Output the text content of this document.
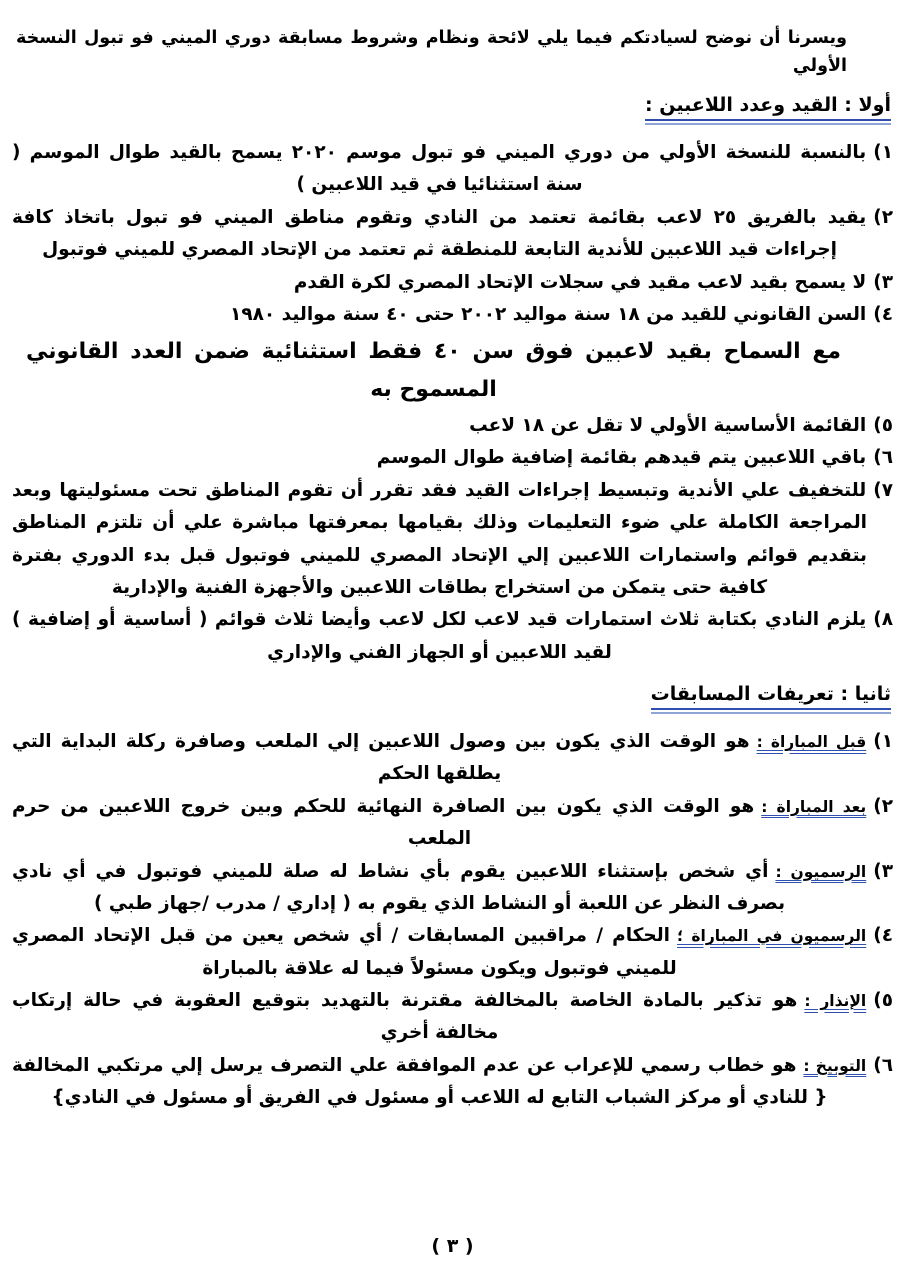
ويسرنا أن نوضح لسيادتكم فيما يلي لائحة ونظام وشروط مسابقة دوري الميني فو تبول النسخة الأولي

أولا : القيد وعدد اللاعبين :
١)بالنسبة للنسخة الأولي من دوري الميني فو تبول موسم ٢٠٢٠ يسمح بالقيد طوال الموسم ( سنة استثنائيا في قيد اللاعبين )
٢)يقيد بالفريق ٢٥ لاعب بقائمة تعتمد من النادي وتقوم مناطق الميني فو تبول باتخاذ كافة إجراءات قيد اللاعبين للأندية التابعة للمنطقة ثم تعتمد من الإتحاد المصري للميني فوتبول
٣)لا يسمح بقيد لاعب مقيد في سجلات الإتحاد المصري لكرة القدم
٤)السن القانوني للقيد من ١٨ سنة مواليد ٢٠٠٢ حتى ٤٠ سنة مواليد ١٩٨٠
مع السماح بقيد لاعبين فوق سن ٤٠ فقط استثنائية ضمن العدد القانوني المسموح به
٥)القائمة الأساسية الأولي لا تقل عن ١٨ لاعب
٦)باقي اللاعبين يتم قيدهم بقائمة إضافية طوال الموسم
٧)للتخفيف علي الأندية وتبسيط إجراءات القيد فقد تقرر أن تقوم المناطق تحت مسئوليتها وبعد المراجعة الكاملة علي ضوء التعليمات وذلك بقيامها بمعرفتها مباشرة علي أن تلتزم المناطق بتقديم قوائم واستمارات اللاعبين إلي الإتحاد المصري للميني فوتبول قبل بدء الدوري بفترة كافية حتى يتمكن من استخراج بطاقات اللاعبين والأجهزة الفنية والإدارية
٨)يلزم النادي بكتابة ثلاث استمارات قيد لاعب لكل لاعب وأيضا ثلاث قوائم ( أساسية أو إضافية ) لقيد اللاعبين أو الجهاز الفني والإداري
ثانيا : تعريفات المسابقات
١)قبل المباراة :هو الوقت الذي يكون بين وصول اللاعبين إلي الملعب وصافرة ركلة البداية التي يطلقها الحكم
٢)بعد المباراة :هو الوقت الذي يكون بين الصافرة النهائية للحكم وبين خروج اللاعبين من حرم الملعب
٣)الرسميون :أي شخص بإستثناء اللاعبين يقوم بأي نشاط له صلة للميني فوتبول في أي نادي بصرف النظر عن اللعبة أو النشاط الذي يقوم به ( إداري / مدرب /جهاز طبي )
٤)الرسميون في المباراة ؛الحكام / مراقبين المسابقات / أي شخص يعين من قبل الإتحاد المصري للميني فوتبول ويكون مسئولاً فيما له علاقة بالمباراة
٥)الإنذار :هو تذكير بالمادة الخاصة بالمخالفة مقترنة بالتهديد بتوقيع العقوبة في حالة إرتكاب مخالفة أخري
٦)التوبيخ :هو خطاب رسمي للإعراب عن عدم الموافقة علي التصرف يرسل إلي مرتكبي المخالفة { للنادي أو مركز الشباب التابع له اللاعب أو مسئول في الفريق أو مسئول في النادي}
( ٣ )
